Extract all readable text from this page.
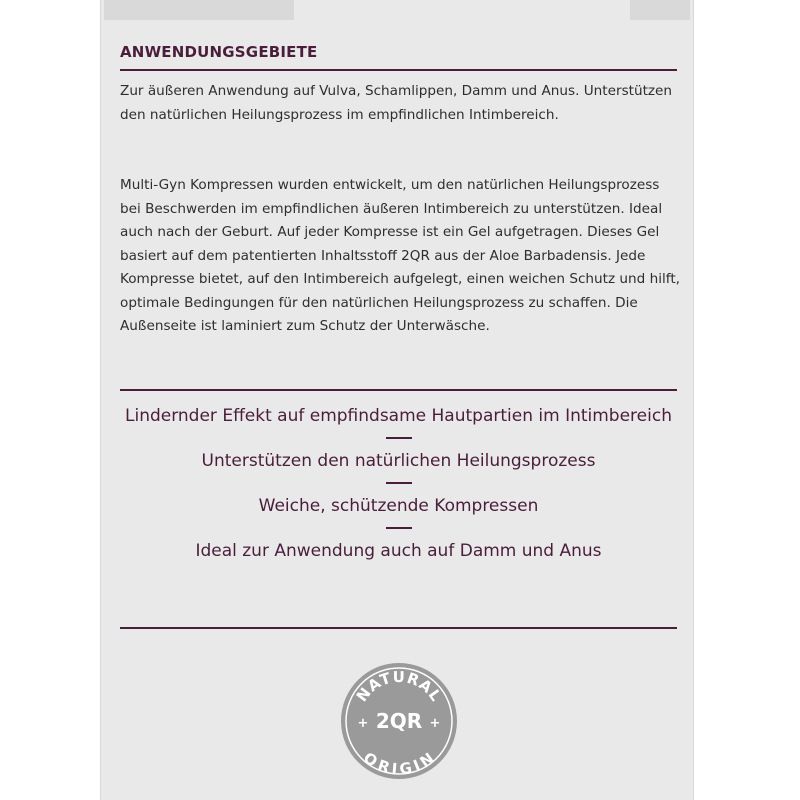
ANWENDUNGSGEBIETE

Zur äußeren Anwendung auf Vulva, Schamlippen, Damm und Anus. Unterstützen den natürlichen Heilungsprozess im empfindlichen Intimbereich.

Multi-Gyn Kompressen wurden entwickelt, um den natürlichen Heilungsprozess bei Beschwerden im empfindlichen äußeren Intimbereich zu unterstützen. Ideal auch nach der Geburt. Auf jeder Kompresse ist ein Gel aufgetragen. Dieses Gel basiert auf dem patentierten Inhaltsstoff 2QR aus der Aloe Barbadensis. Jede Kompresse bietet, auf den Intimbereich aufgelegt, einen weichen Schutz und hilft, optimale Bedingungen für den natürlichen Heilungsprozess zu schaffen. Die Außenseite ist laminiert zum Schutz der Unterwäsche.

Lindernder Effekt auf empfindsame Hautpartien im Intimbereich

Unterstützen den natürlichen Heilungsprozess

Weiche, schützende Kompressen

Ideal zur Anwendung auch auf Damm und Anus

NATURAL
2QR
+	+
ORIGIN
